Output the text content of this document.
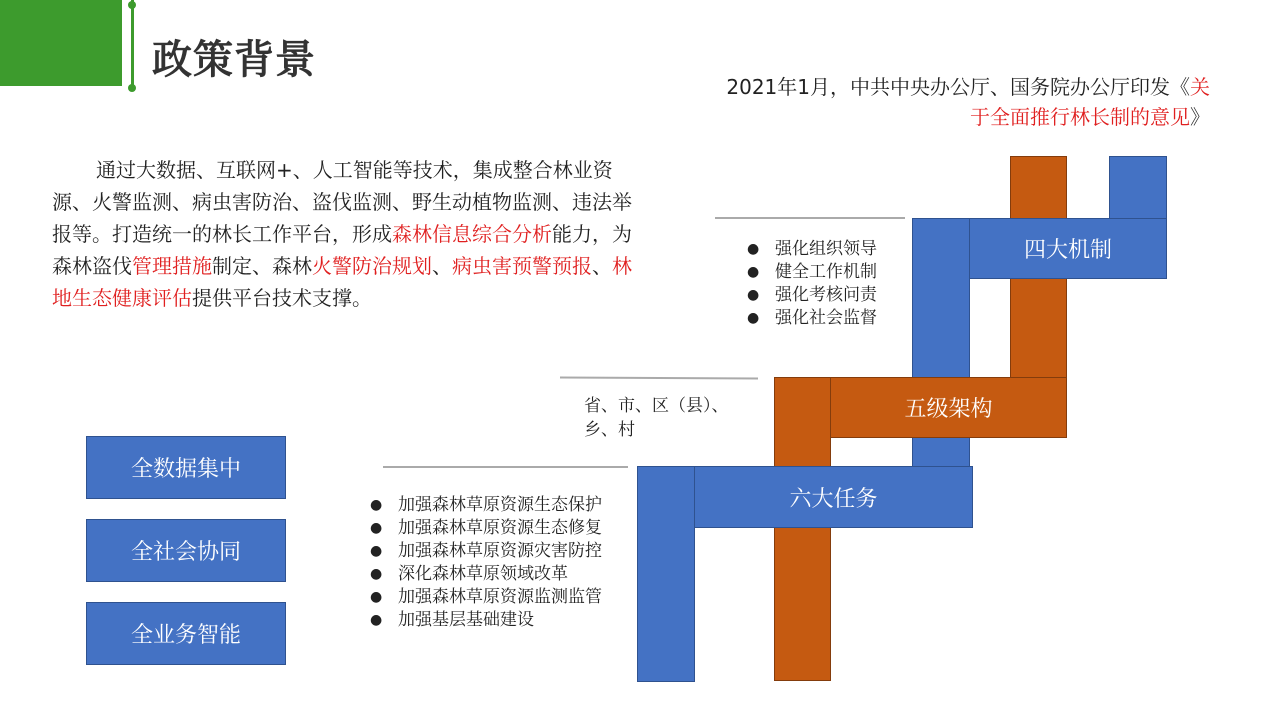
政策背景
2021年1月，中共中央办公厅、国务院办公厅印发《关
于全面推行林长制的意见》
通过大数据、互联网+、人工智能等技术，集成整合林业资源、火警监测、病虫害防治、盗伐监测、野生动植物监测、违法举报等。打造统一的林长工作平台，形成森林信息综合分析能力，为森林盗伐管理措施制定、森林火警防治规划、病虫害预警预报、林地生态健康评估提供平台技术支撑。
全数据集中
全社会协同
全业务智能
四大机制
五级架构
六大任务
● 强化组织领导
● 健全工作机制
● 强化考核问责
● 强化社会监督
省、市、区（县）、乡、村
● 加强森林草原资源生态保护
● 加强森林草原资源生态修复
● 加强森林草原资源灾害防控
● 深化森林草原领域改革
● 加强森林草原资源监测监管
● 加强基层基础建设
